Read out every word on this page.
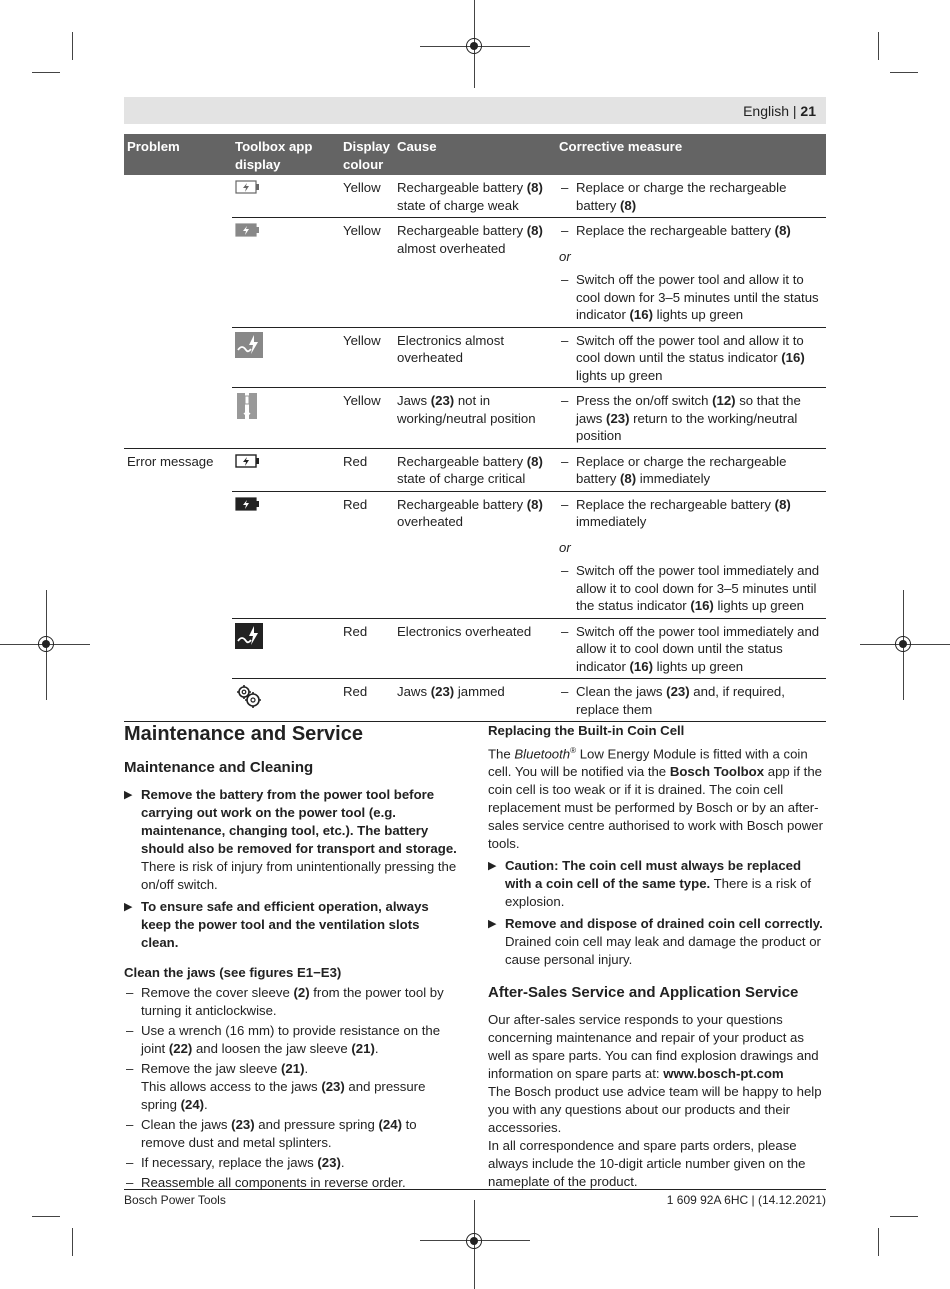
English | 21
Problem	Toolbox app display	Display colour	Cause	Corrective measure
		Yellow	Rechargeable battery (8) state of charge weak	– Replace or charge the rechargeable battery (8)

		Yellow	Rechargeable battery (8) almost overheated	– Replace the rechargeable battery (8)
or
– Switch off the power tool and allow it to cool down for 3–5 minutes until the status indicator (16) lights up green

		Yellow	Electronics almost overheated	– Switch off the power tool and allow it to cool down until the status indicator (16) lights up green

		Yellow	Jaws (23) not in working/neutral position	– Press the on/off switch (12) so that the jaws (23) return to the working/neutral position

Error message		Red	Rechargeable battery (8) state of charge critical	– Replace or charge the rechargeable battery (8) immediately

		Red	Rechargeable battery (8) overheated	– Replace the rechargeable battery (8) immediately
or
– Switch off the power tool immediately and allow it to cool down for 3–5 minutes until the status indicator (16) lights up green

		Red	Electronics overheated	– Switch off the power tool immediately and allow it to cool down until the status indicator (16) lights up green

		Red	Jaws (23) jammed	– Clean the jaws (23) and, if required, replace them
Maintenance and Service
Maintenance and Cleaning
▶ Remove the battery from the power tool before carrying out work on the power tool (e.g. maintenance, changing tool, etc.). The battery should also be removed for transport and storage. There is risk of injury from unintentionally pressing the on/off switch.
▶ To ensure safe and efficient operation, always keep the power tool and the ventilation slots clean.
Clean the jaws (see figures E1−E3)
– Remove the cover sleeve (2) from the power tool by turning it anticlockwise.
– Use a wrench (16 mm) to provide resistance on the joint (22) and loosen the jaw sleeve (21).
– Remove the jaw sleeve (21).
This allows access to the jaws (23) and pressure spring (24).
– Clean the jaws (23) and pressure spring (24) to remove dust and metal splinters.
– If necessary, replace the jaws (23).
– Reassemble all components in reverse order.
Replacing the Built-in Coin Cell

The Bluetooth® Low Energy Module is fitted with a coin cell. You will be notified via the Bosch Toolbox app if the coin cell is too weak or if it is drained. The coin cell replacement must be performed by Bosch or by an after-sales service centre authorised to work with Bosch power tools.

▶ Caution: The coin cell must always be replaced with a coin cell of the same type. There is a risk of explosion.
▶ Remove and dispose of drained coin cell correctly. Drained coin cell may leak and damage the product or cause personal injury.
After-Sales Service and Application Service

Our after-sales service responds to your questions concerning maintenance and repair of your product as well as spare parts. You can find explosion drawings and information on spare parts at: www.bosch-pt.com

The Bosch product use advice team will be happy to help you with any questions about our products and their accessories.

In all correspondence and spare parts orders, please always include the 10-digit article number given on the nameplate of the product.

Bosch Power Tools	1 609 92A 6HC | (14.12.2021)
